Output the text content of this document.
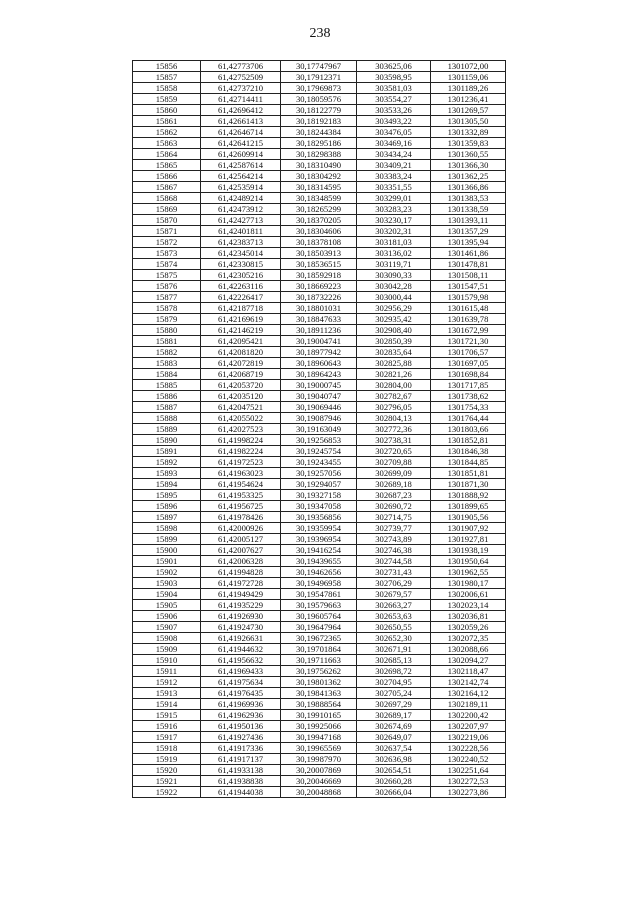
238
15856	61,42773706	30,17747967	303625,06	1301072,00
15857	61,42752509	30,17912371	303598,95	1301159,06
15858	61,42737210	30,17969873	303581,03	1301189,26
15859	61,42714411	30,18059576	303554,27	1301236,41
15860	61,42696412	30,18122779	303533,26	1301269,57
15861	61,42661413	30,18192183	303493,22	1301305,50
15862	61,42646714	30,18244384	303476,05	1301332,89
15863	61,42641215	30,18295186	303469,16	1301359,83
15864	61,42609914	30,18298388	303434,24	1301360,55
15865	61,42587614	30,18310490	303409,21	1301366,30
15866	61,42564214	30,18304292	303383,24	1301362,25
15867	61,42535914	30,18314595	303351,55	1301366,86
15868	61,42489214	30,18348599	303299,01	1301383,53
15869	61,42473912	30,18265299	303283,23	1301338,59
15870	61,42427713	30,18370205	303230,17	1301393,11
15871	61,42401811	30,18304606	303202,31	1301357,29
15872	61,42383713	30,18378108	303181,03	1301395,94
15873	61,42345014	30,18503913	303136,02	1301461,86
15874	61,42330815	30,18536515	303119,71	1301478,81
15875	61,42305216	30,18592918	303090,33	1301508,11
15876	61,42263116	30,18669223	303042,28	1301547,51
15877	61,42226417	30,18732226	303000,44	1301579,98
15878	61,42187718	30,18801031	302956,29	1301615,48
15879	61,42169619	30,18847633	302935,42	1301639,78
15880	61,42146219	30,18911236	302908,40	1301672,99
15881	61,42095421	30,19004741	302850,39	1301721,30
15882	61,42081820	30,18977942	302835,64	1301706,57
15883	61,42072819	30,18960643	302825,88	1301697,05
15884	61,42068719	30,18964243	302821,26	1301698,84
15885	61,42053720	30,19000745	302804,00	1301717,85
15886	61,42035120	30,19040747	302782,67	1301738,62
15887	61,42047521	30,19069446	302796,05	1301754,33
15888	61,42055022	30,19087946	302804,13	1301764,44
15889	61,42027523	30,19163049	302772,36	1301803,66
15890	61,41998224	30,19256853	302738,31	1301852,81
15891	61,41982224	30,19245754	302720,65	1301846,38
15892	61,41972523	30,19243455	302709,88	1301844,85
15893	61,41963023	30,19257056	302699,09	1301851,81
15894	61,41954624	30,19294057	302689,18	1301871,30
15895	61,41953325	30,19327158	302687,23	1301888,92
15896	61,41956725	30,19347058	302690,72	1301899,65
15897	61,41978426	30,19356856	302714,75	1301905,56
15898	61,42000926	30,19359954	302739,77	1301907,92
15899	61,42005127	30,19396954	302743,89	1301927,81
15900	61,42007627	30,19416254	302746,38	1301938,19
15901	61,42006328	30,19439655	302744,58	1301950,64
15902	61,41994828	30,19462656	302731,43	1301962,55
15903	61,41972728	30,19496958	302706,29	1301980,17
15904	61,41949429	30,19547861	302679,57	1302006,61
15905	61,41935229	30,19579663	302663,27	1302023,14
15906	61,41926930	30,19605764	302653,63	1302036,81
15907	61,41924730	30,19647964	302650,55	1302059,26
15908	61,41926631	30,19672365	302652,30	1302072,35
15909	61,41944632	30,19701864	302671,91	1302088,66
15910	61,41956632	30,19711663	302685,13	1302094,27
15911	61,41969433	30,19756262	302698,72	1302118,47
15912	61,41975634	30,19801362	302704,95	1302142,74
15913	61,41976435	30,19841363	302705,24	1302164,12
15914	61,41969936	30,19888564	302697,29	1302189,11
15915	61,41962936	30,19910165	302689,17	1302200,42
15916	61,41950136	30,19925066	302674,69	1302207,97
15917	61,41927436	30,19947168	302649,07	1302219,06
15918	61,41917336	30,19965569	302637,54	1302228,56
15919	61,41917137	30,19987970	302636,98	1302240,52
15920	61,41933138	30,20007869	302654,51	1302251,64
15921	61,41938838	30,20046669	302660,28	1302272,53
15922	61,41944038	30,20048868	302666,04	1302273,86
